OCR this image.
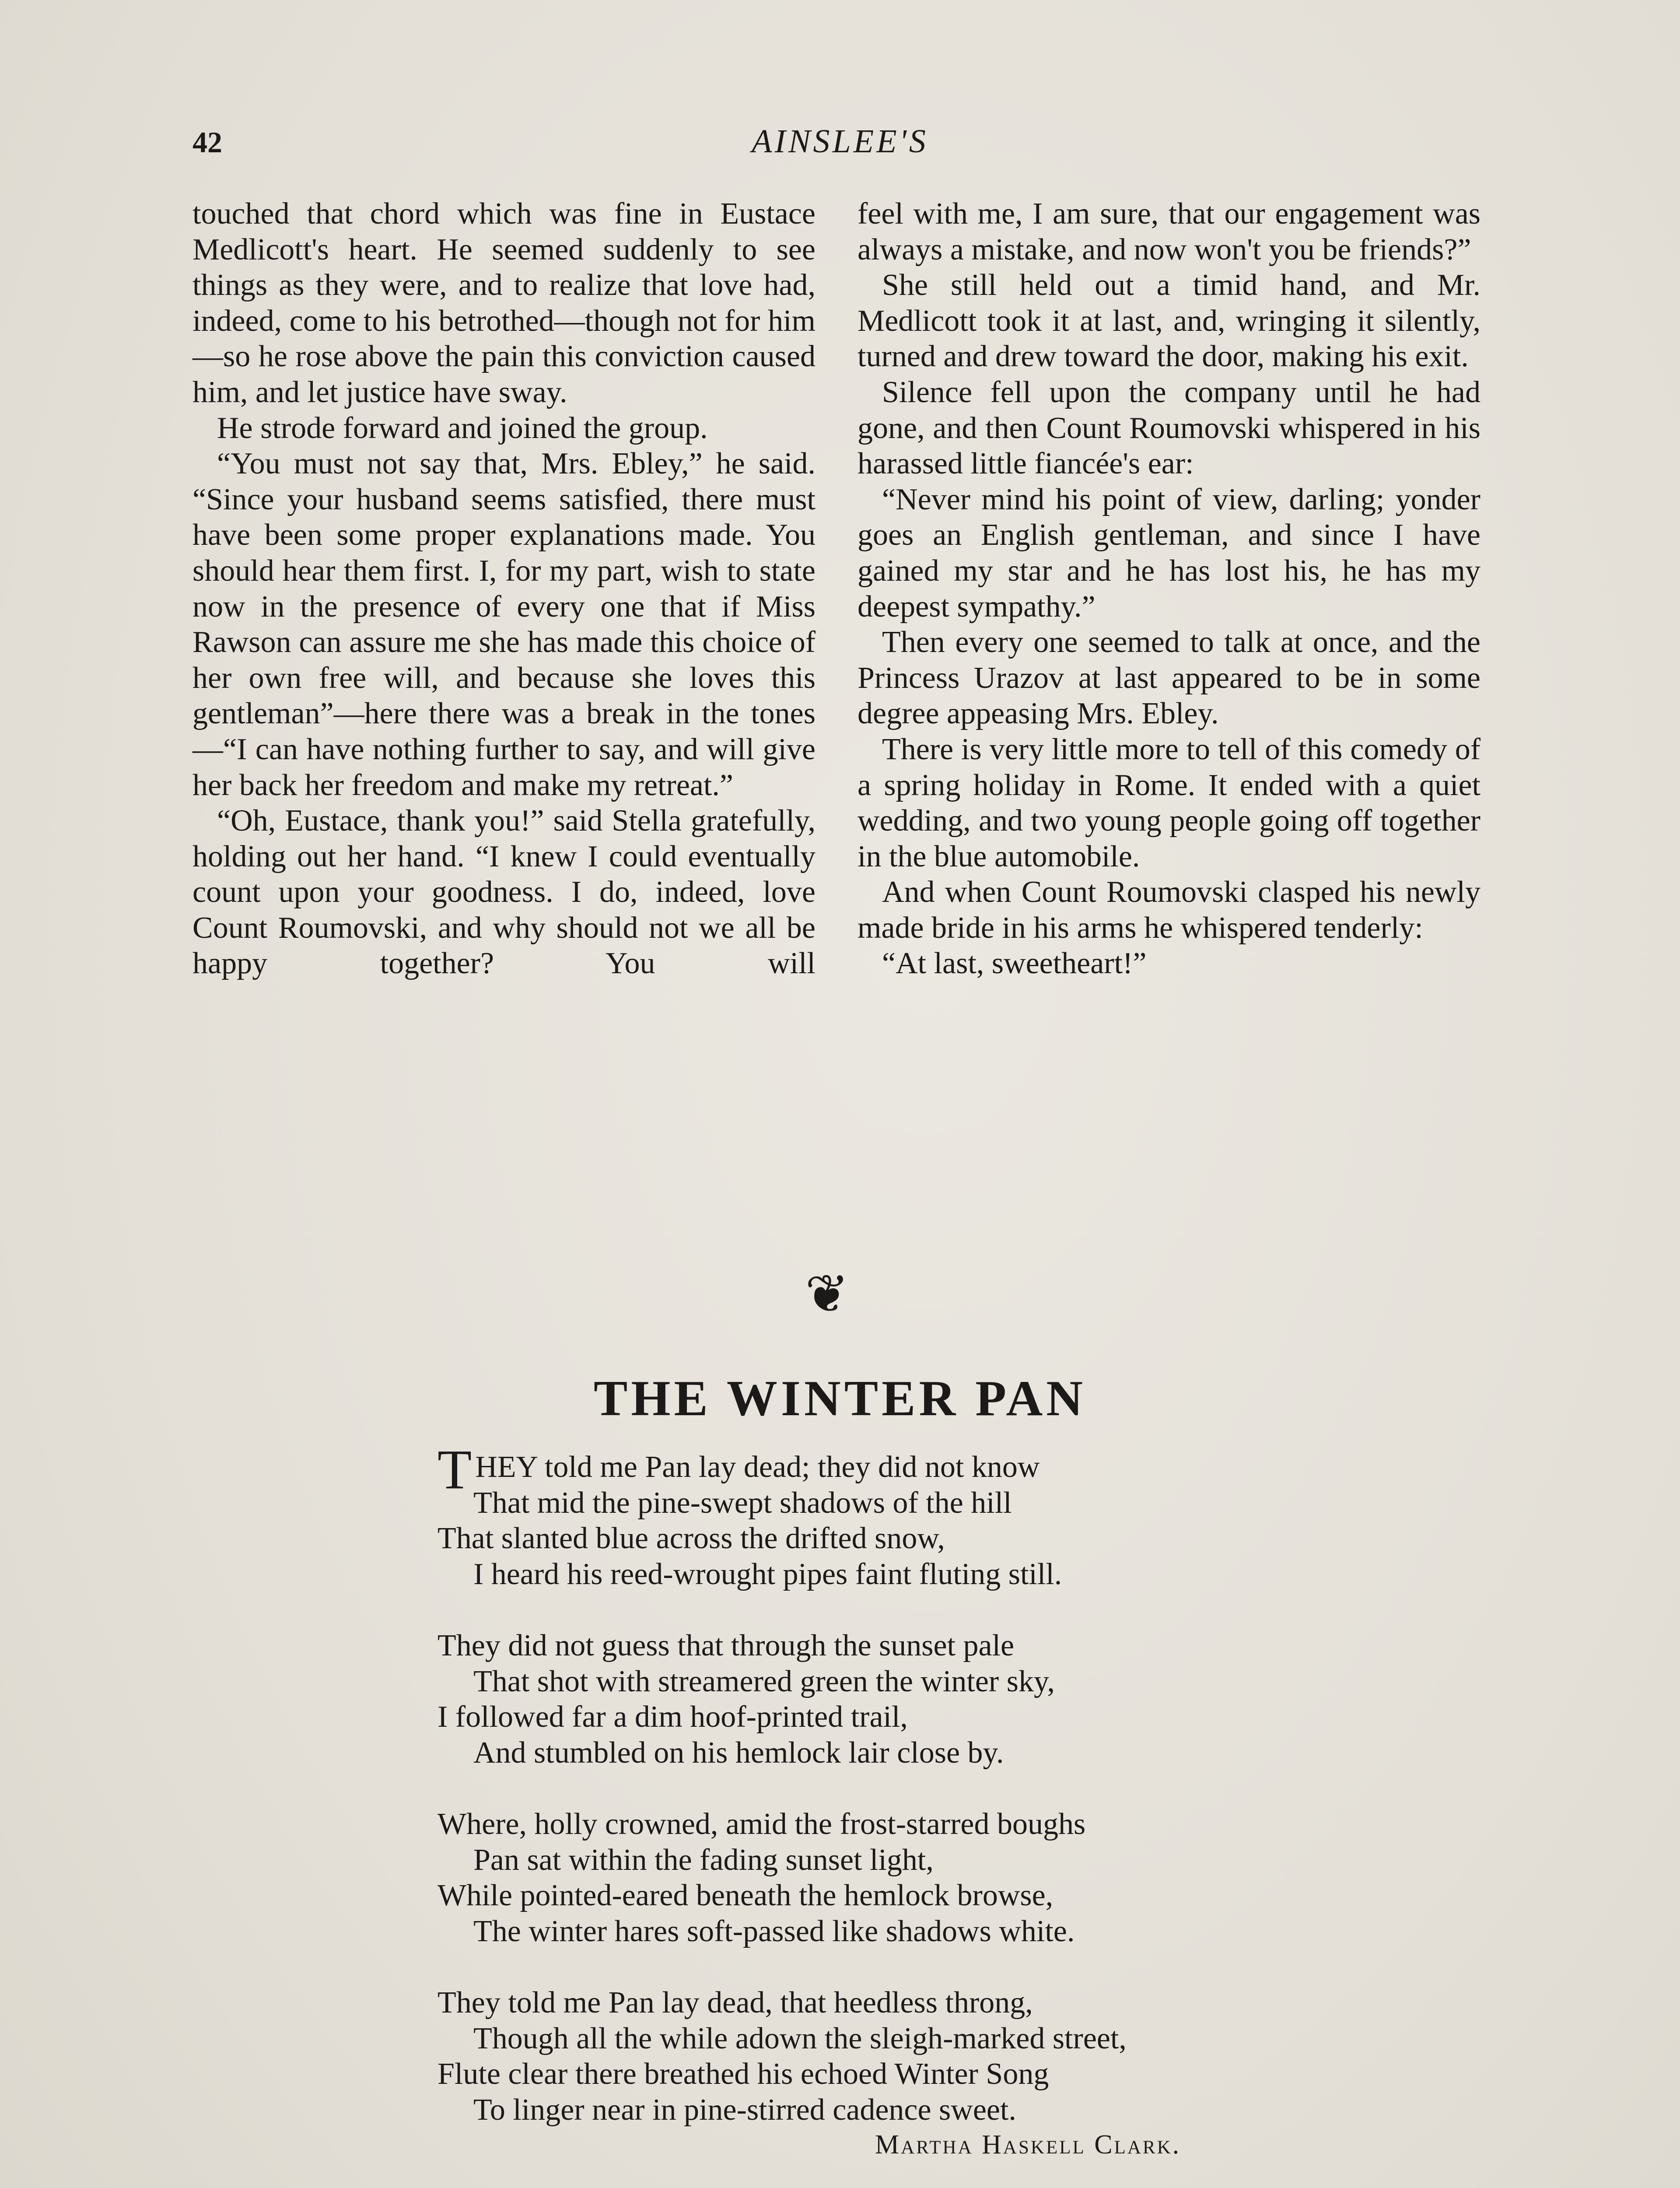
42	AINSLEE'S

touched that chord which was fine in Eustace Medlicott's heart. He seemed suddenly to see things as they were, and to realize that love had, indeed, come to his betrothed—though not for him—so he rose above the pain this conviction caused him, and let justice have sway.

He strode forward and joined the group.

“You must not say that, Mrs. Ebley,” he said. “Since your husband seems satisfied, there must have been some proper explanations made. You should hear them first. I, for my part, wish to state now in the presence of every one that if Miss Rawson can assure me she has made this choice of her own free will, and because she loves this gentleman”—here there was a break in the tones—“I can have nothing further to say, and will give her back her freedom and make my retreat.”

“Oh, Eustace, thank you!” said Stella gratefully, holding out her hand. “I knew I could eventually count upon your goodness. I do, indeed, love Count Roumovski, and why should not we all be happy together? You will

feel with me, I am sure, that our engagement was always a mistake, and now won't you be friends?”

She still held out a timid hand, and Mr. Medlicott took it at last, and, wringing it silently, turned and drew toward the door, making his exit.

Silence fell upon the company until he had gone, and then Count Roumovski whispered in his harassed little fiancée's ear:

“Never mind his point of view, darling; yonder goes an English gentleman, and since I have gained my star and he has lost his, he has my deepest sympathy.”

Then every one seemed to talk at once, and the Princess Urazov at last appeared to be in some degree appeasing Mrs. Ebley.

There is very little more to tell of this comedy of a spring holiday in Rome. It ended with a quiet wedding, and two young people going off together in the blue automobile.

And when Count Roumovski clasped his newly made bride in his arms he whispered tenderly:

“At last, sweetheart!”

❦
THE WINTER PAN
THEY told me Pan lay dead; they did not know
That mid the pine-swept shadows of the hill
That slanted blue across the drifted snow,
I heard his reed-wrought pipes faint fluting still.
They did not guess that through the sunset pale
That shot with streamered green the winter sky,
I followed far a dim hoof-printed trail,
And stumbled on his hemlock lair close by.
Where, holly crowned, amid the frost-starred boughs
Pan sat within the fading sunset light,
While pointed-eared beneath the hemlock browse,
The winter hares soft-passed like shadows white.
They told me Pan lay dead, that heedless throng,
Though all the while adown the sleigh-marked street,
Flute clear there breathed his echoed Winter Song
To linger near in pine-stirred cadence sweet.
Martha Haskell Clark.
